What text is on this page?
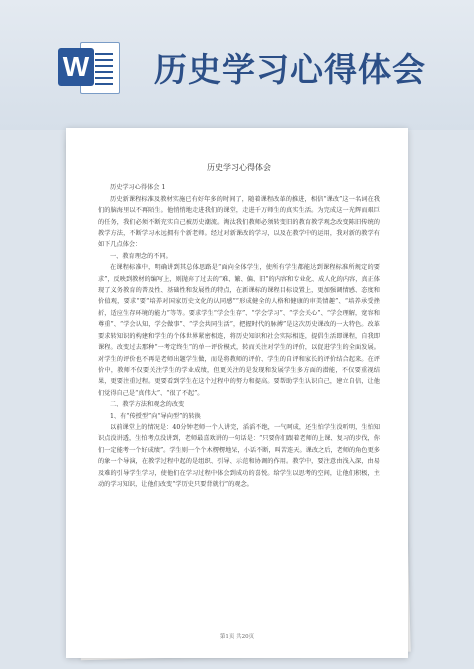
W 历史学习心得体会
历史学习心得体会

历史学习心得体会 1

历史新课程标准及教材实施已有好年多的时间了，随着课程改革的推进，相信“课改”这一名词在我们的脑海里以不再陌生。他悄悄地走进我们的课堂，走进千万师生的真实生活。为完成这一光辉而艰巨的任务，我们必须不断充实自己被历史潮流。淘汰我们教师必须转变旧的教育教学观念改变陈旧传统的教学方法，不断学习永远拥有个新老师。经过对新课改的学习，以及在教学中的运用，我对新的教学有如下几点体会：

一、教育理念的不同。

在课程标准中，明确讲到其总体思路是“面向全体学生，使所有学生都能达到课程标准所规定的要求”，反映到教材的编写上，则抛弃了过去的“难、繁、偏、旧”的内容和专业化、成人化的内容，真正体现了义务教育的普及性、基础性和发展性的特点，在新课标的课程目标设置上，更加强调情感、态度和价值观，要求“要“培养对国家历史文化的认同感”“形成健全的人格和健康的审美情趣”、“培养承受挫折，适应生存环境的能力”等等。要求学生“学会生存”、“学会学习”、“学会关心”、“学会理解，宽容和尊重”、“学会认知，学会做事”、“学会共同生活”，把握时代的脉搏”是这次历史课改的一大特色。改革要求转知识的构建和学生的个体世界紧密相连，将历史知识和社会实际相连，提倡生活即课程，自我即课程。改变过去那种“一考定终生”的单一评价模式，转而关注对学生的评价，以促进学生的全面发展。对学生的评价也不再是老师出题学生做，而是将教师的评价、学生的自评和家长的评价结合起来。在评价中，教师不仅要关注学生的学业成绩，但更关注的是发现和发展学生多方面的潜能，不仅要重视结果，更要注重过程。更要看到学生在这个过程中的努力和提高。要帮助学生认识自己，建立自信，让他们觉得自己是“真伟大”、“很了不起”。

二、教学方法和观念的改变

1、有“传授型”向“导向型”的转换

以前课堂上的情况是：40分钟老师一个人讲完，滔滔不绝，一气呵成，还生怕学生没听明，生怕知识点没讲透，生怕考点没讲到，老师最喜欢讲的一句话是：“只要你们跟着老师的上课、复习的步伐，你们一定能考一个好成绩”。学生则一个个木楞楞地呆，小话不断，叫苦连天。课改之后，老师的角色更多的象一个导演，在教学过程中起的是组织、引导、示范和协调的作用。教学中，要注意由浅入深，由易及难的引导学生学习，使他们在学习过程中体会到成功的喜悦。给学生以思考的空间，让他们积极，主动的学习知识，让他们改变“学历史只要背就行”的观念。

第1页 共20页
